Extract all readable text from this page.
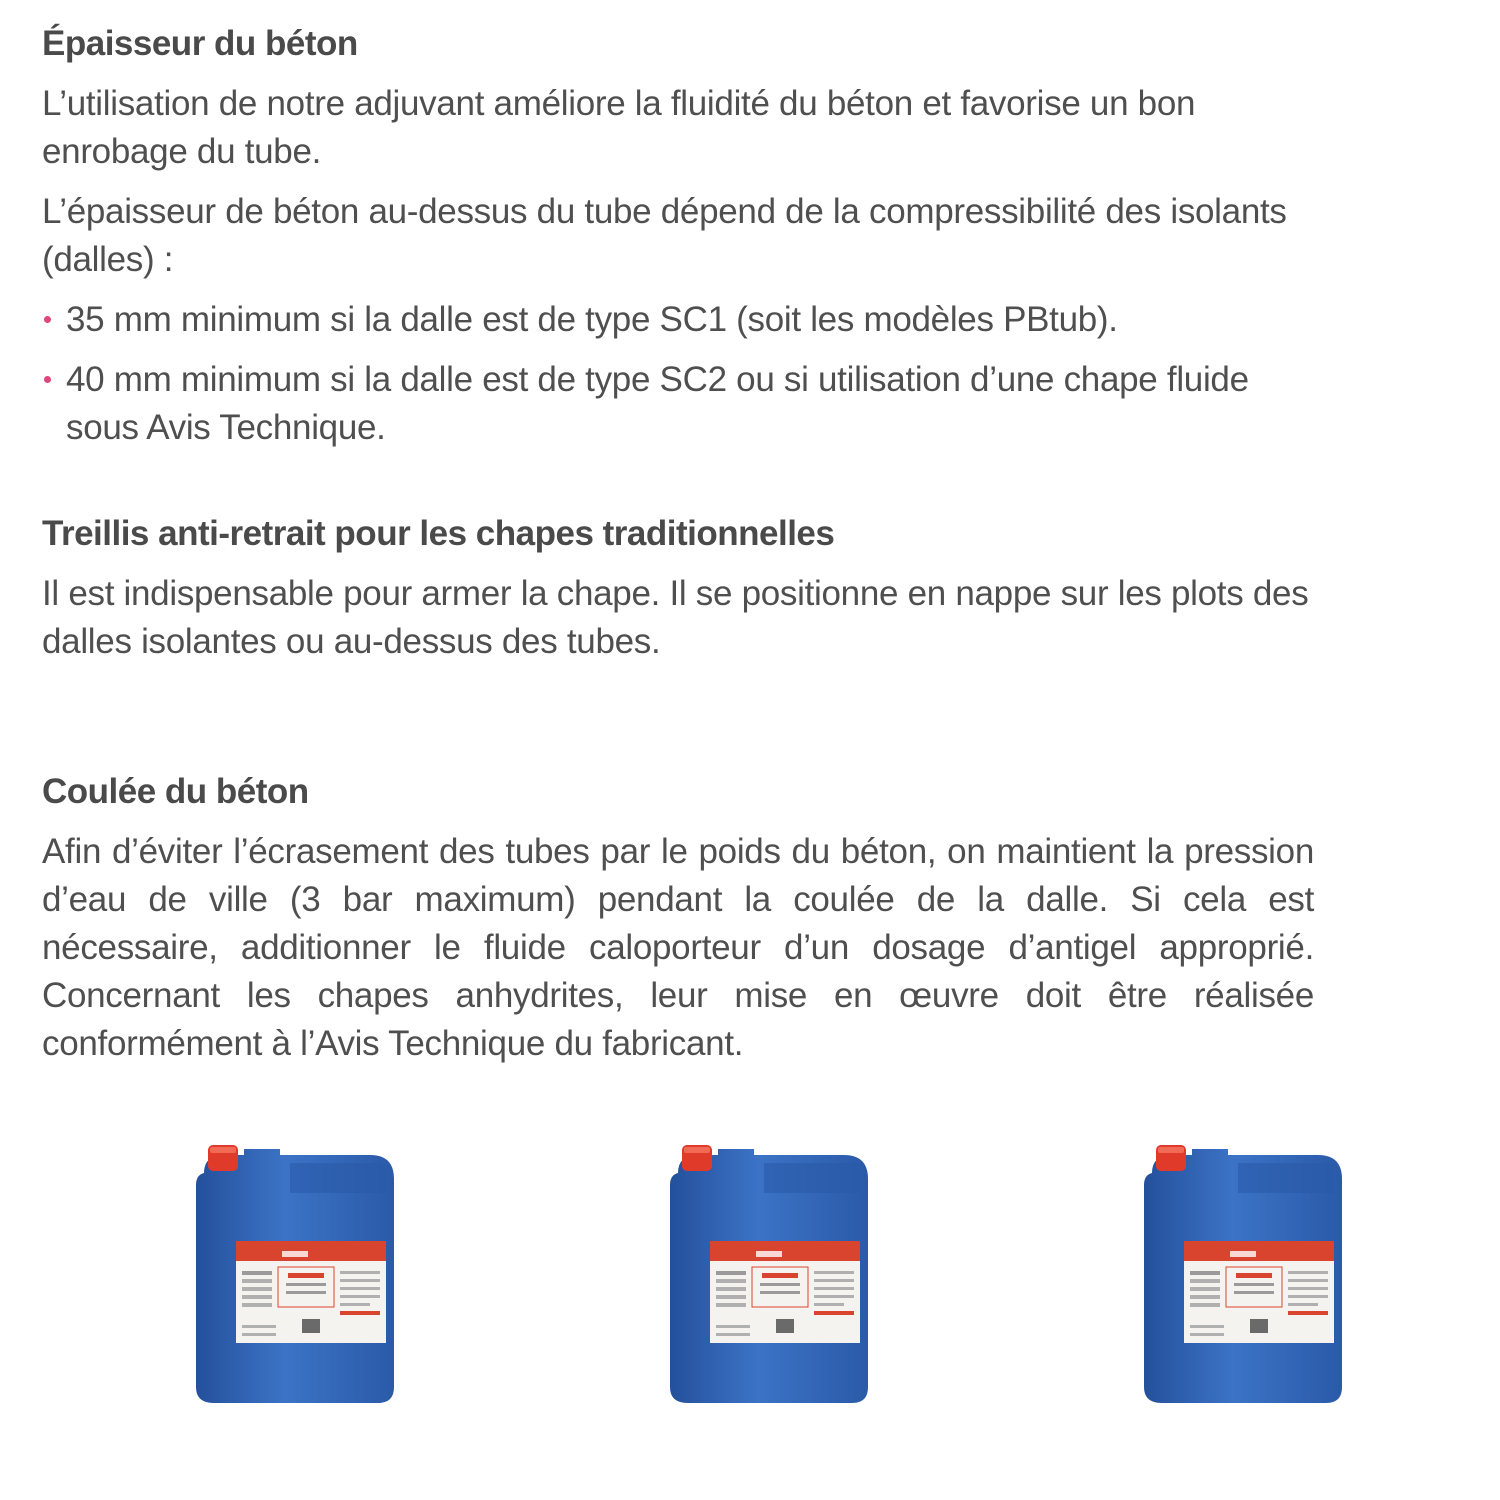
Épaisseur du béton

L’utilisation de notre adjuvant améliore la fluidité du béton et favorise un bon enrobage du tube.

L’épaisseur de béton au-dessus du tube dépend de la compressibilité des isolants (dalles) :

35 mm minimum si la dalle est de type SC1 (soit les modèles PBtub).
40 mm minimum si la dalle est de type SC2 ou si utilisation d’une chape fluide sous Avis Technique.
Treillis anti-retrait pour les chapes traditionnelles

Il est indispensable pour armer la chape. Il se positionne en nappe sur les plots des dalles isolantes ou au-dessus des tubes.

Coulée du béton

Afin d’éviter l’écrasement des tubes par le poids du béton, on maintient la pression d’eau de ville (3 bar maximum) pendant la coulée de la dalle. Si cela est nécessaire, additionner le fluide caloporteur d’un dosage d’antigel approprié. Concernant les chapes anhydrites, leur mise en œuvre doit être réalisée conformément à l’Avis Technique du fabricant.
